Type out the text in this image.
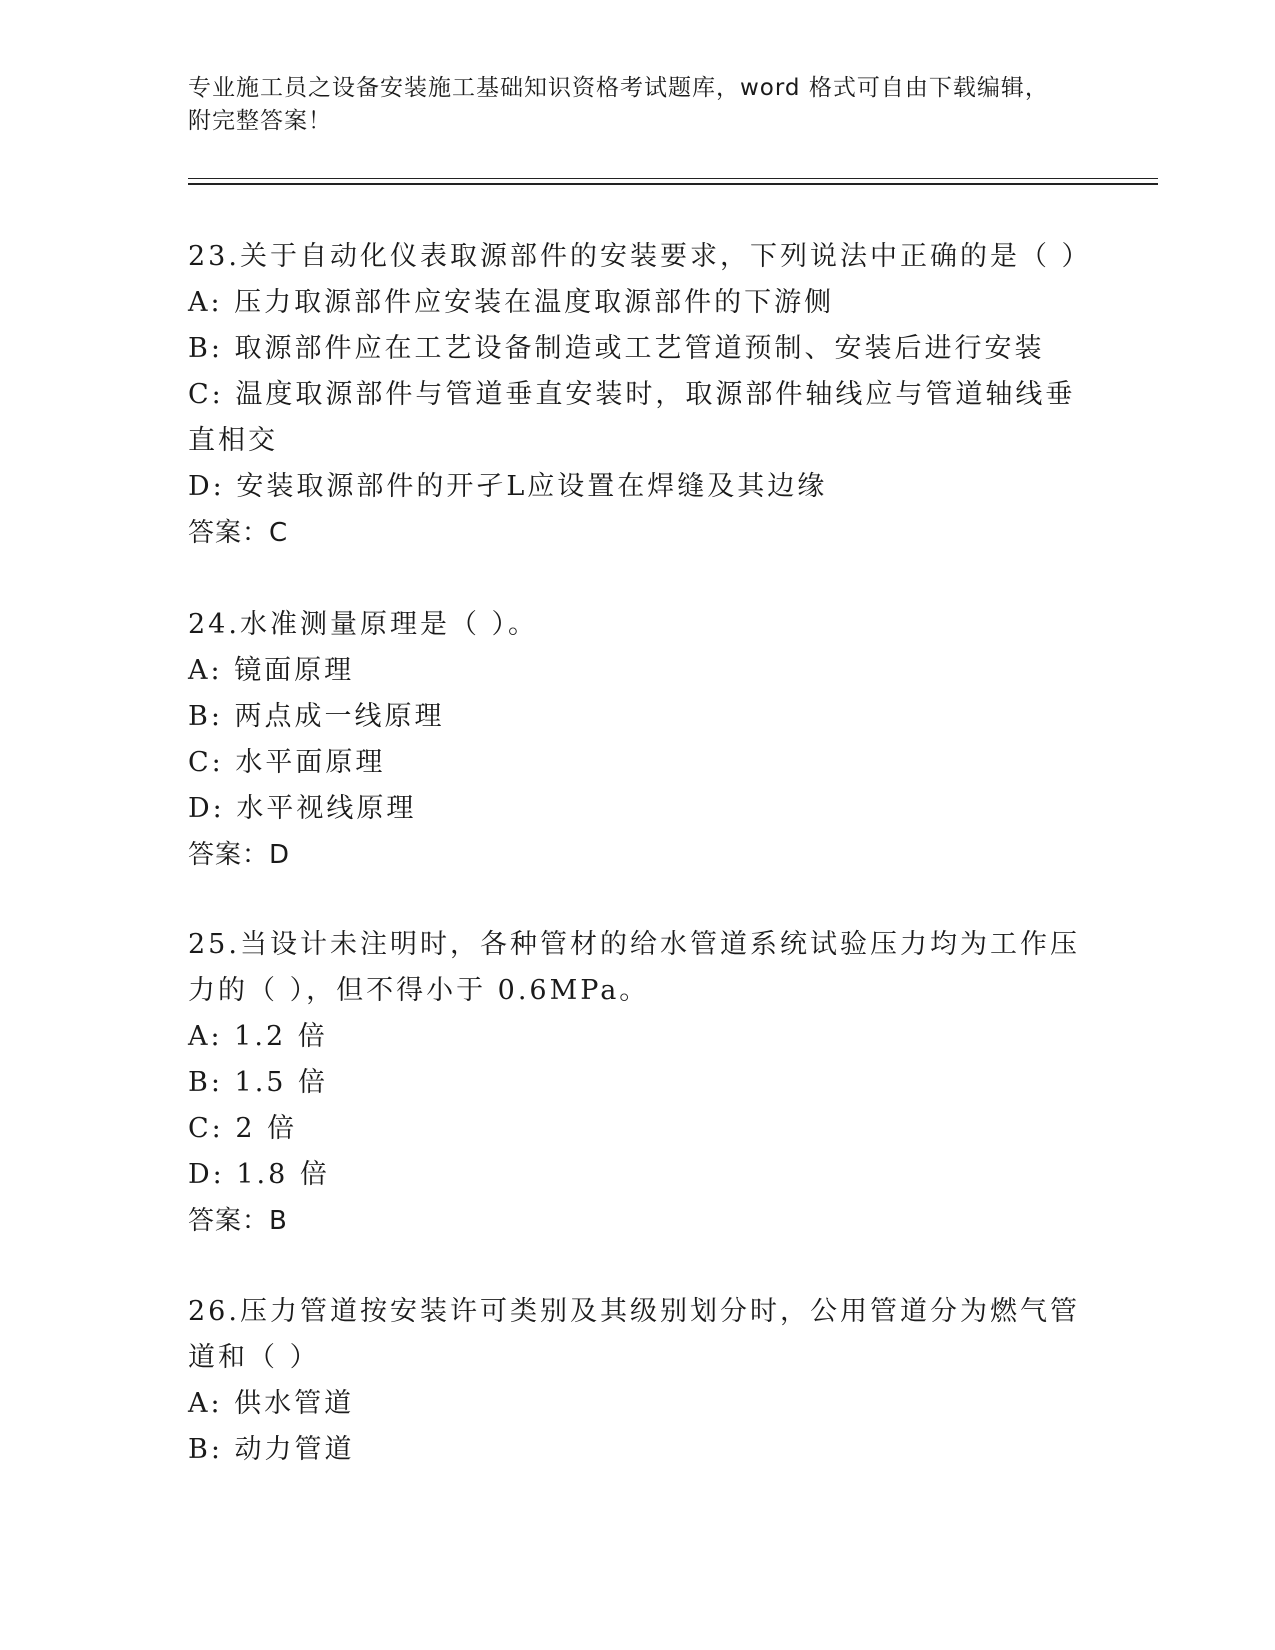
专业施工员之设备安装施工基础知识资格考试题库，word 格式可自由下载编辑，
附完整答案！

23.关于自动化仪表取源部件的安装要求，下列说法中正确的是（ ）

A: 压力取源部件应安装在温度取源部件的下游侧

B: 取源部件应在工艺设备制造或工艺管道预制、安装后进行安装

C: 温度取源部件与管道垂直安装时，取源部件轴线应与管道轴线垂直相交

D: 安装取源部件的开孑L应设置在焊缝及其边缘

答案：C

24.水准测量原理是（ ）。

A: 镜面原理

B: 两点成一线原理

C: 水平面原理

D: 水平视线原理

答案：D

25.当设计未注明时，各种管材的给水管道系统试验压力均为工作压力的（ ），但不得小于 0.6MPa。

A: 1.2 倍

B: 1.5 倍

C: 2 倍

D: 1.8 倍

答案：B

26.压力管道按安装许可类别及其级别划分时，公用管道分为燃气管道和（ ）

A: 供水管道

B: 动力管道
